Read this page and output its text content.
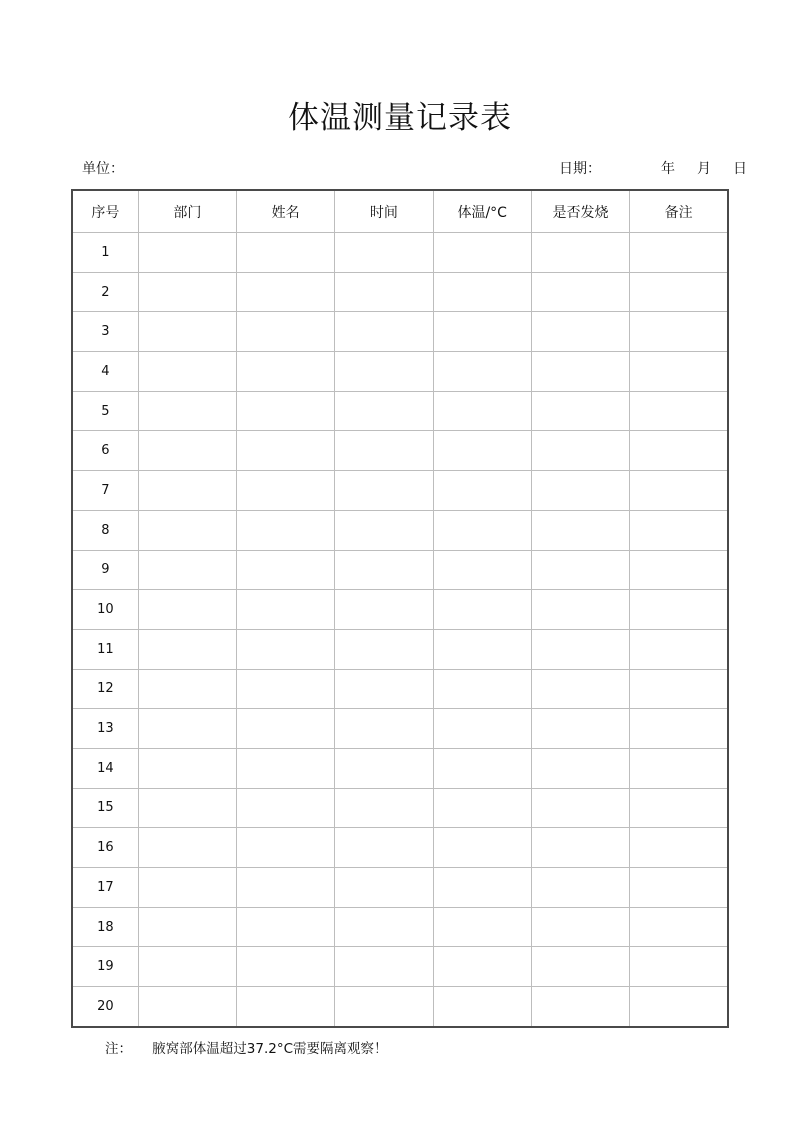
体温测量记录表
单位：	日期：	年 月 日
序号	部门	姓名	时间	体温/°C	是否发烧	备注
1						
2						
3						
4						
5						
6						
7						
8						
9						
10						
11						
12						
13						
14						
15						
16						
17						
18						
19						
20						
注： 腋窝部体温超过37.2°C需要隔离观察！
